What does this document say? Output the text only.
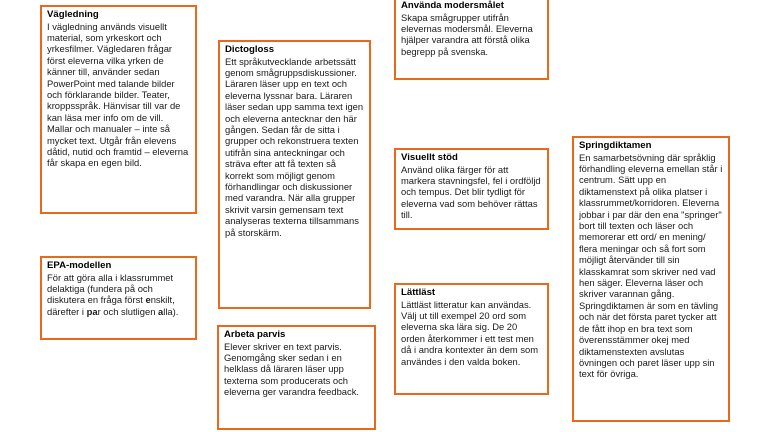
Vägledning

I vägledning används visuellt material, som yrkeskort och yrkesfilmer. Vägledaren frågar först eleverna vilka yrken de känner till, använder sedan PowerPoint med talande bilder och förklarande bilder. Teater, kroppsspråk. Hänvisar till var de kan läsa mer info om de vill. Mallar och manualer – inte så mycket text. Utgår från elevens dåtid, nutid och framtid – eleverna får skapa en egen bild.

Dictogloss

Ett språkutvecklande arbetssätt genom smågruppsdiskussioner. Läraren läser upp en text och eleverna lyssnar bara. Läraren läser sedan upp samma text igen och eleverna antecknar den här gången. Sedan får de sitta i grupper och rekonstruera texten utifrån sina anteckningar och sträva efter att få texten så korrekt som möjligt genom förhandlingar och diskussioner med varandra. När alla grupper skrivit varsin gemensam text analyseras texterna tillsammans på storskärm.

Använda modersmålet

Skapa smågrupper utifrån elevernas modersmål. Eleverna hjälper varandra att förstå olika begrepp på svenska.

Visuellt stöd

Använd olika färger för att markera stavningsfel, fel i ordföljd och tempus. Det blir tydligt för eleverna vad som behöver rättas till.

EPA-modellen

För att göra alla i klassrummet delaktiga (fundera på och diskutera en fråga först enskilt, därefter i par och slutligen alla).

Arbeta parvis

Elever skriver en text parvis. Genomgång sker sedan i en helklass då läraren läser upp texterna som producerats och eleverna ger varandra feedback.

Lättläst

Lättläst litteratur kan användas. Välj ut till exempel 20 ord som eleverna ska lära sig. De 20 orden återkommer i ett test men då i andra kontexter än dem som användes i den valda boken.

Springdiktamen

En samarbetsövning där språklig förhandling eleverna emellan står i centrum. Sätt upp en diktamenstext på olika platser i klassrummet/korridoren. Eleverna jobbar i par där den ena "springer" bort till texten och läser och memorerar ett ord/ en mening/ flera meningar och så fort som möjligt återvänder till sin klasskamrat som skriver ned vad hen säger. Eleverna läser och skriver varannan gång. Springdiktamen är som en tävling och när det första paret tycker att de fått ihop en bra text som överensstämmer okej med diktamenstexten avslutas övningen och paret läser upp sin text för övriga.
